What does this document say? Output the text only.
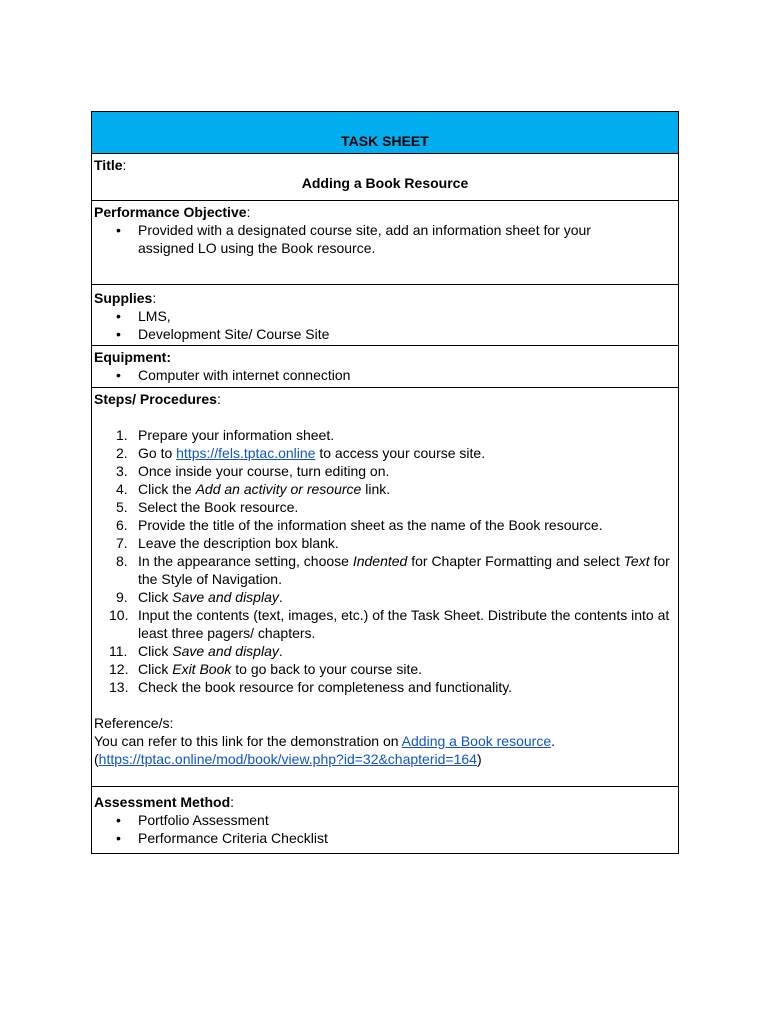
TASK SHEET
Title:
Adding a Book Resource
Performance Objective:
• Provided with a designated course site, add an information sheet for your assigned LO using the Book resource.
Supplies:
• LMS,
• Development Site/ Course Site
Equipment:
• Computer with internet connection
Steps/ Procedures:
1. Prepare your information sheet.
2. Go to https://fels.tptac.online to access your course site.
3. Once inside your course, turn editing on.
4. Click the Add an activity or resource link.
5. Select the Book resource.
6. Provide the title of the information sheet as the name of the Book resource.
7. Leave the description box blank.
8. In the appearance setting, choose Indented for Chapter Formatting and select Text for the Style of Navigation.
9. Click Save and display.
10. Input the contents (text, images, etc.) of the Task Sheet. Distribute the contents into at least three pagers/ chapters.
11. Click Save and display.
12. Click Exit Book to go back to your course site.
13. Check the book resource for completeness and functionality.
Reference/s:
You can refer to this link for the demonstration on Adding a Book resource.
(https://tptac.online/mod/book/view.php?id=32&chapterid=164)
Assessment Method:
• Portfolio Assessment
• Performance Criteria Checklist
